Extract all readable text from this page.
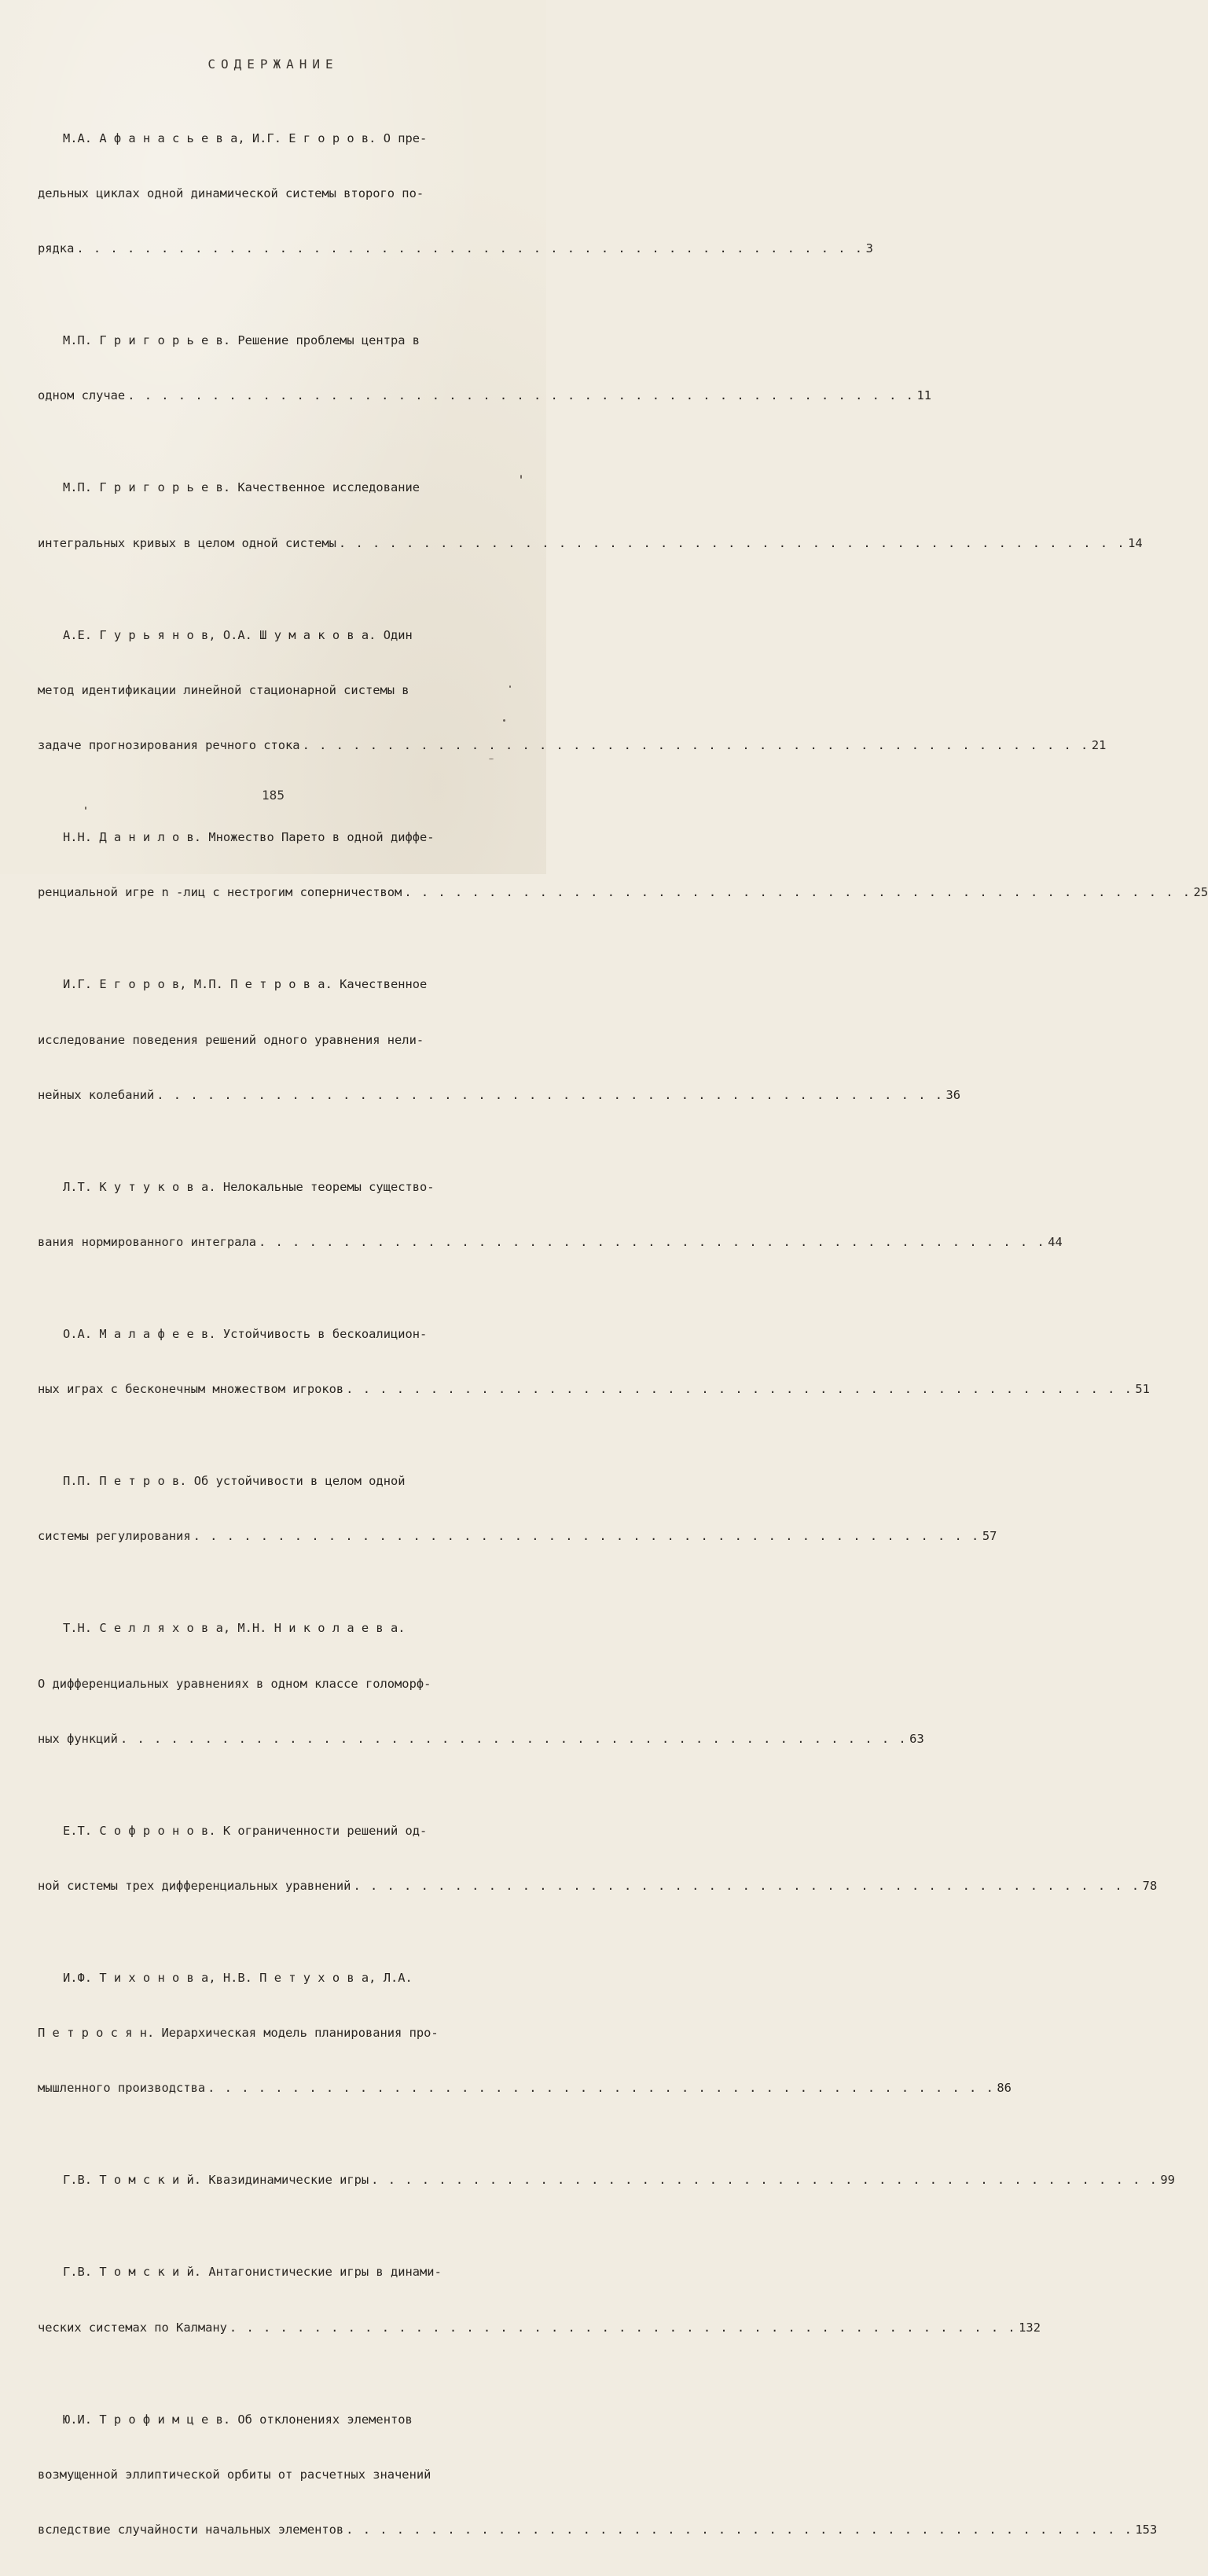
СОДЕРЖАНИЕ

М.А. А ф а н а с ь е в а, И.Г. Е г о р о в. О пре-

дельных циклах одной динамической системы второго по-

рядка . . .	3

М.П. Г р и г о р ь е в. Решение проблемы центра в

одном случае . . .	11

М.П. Г р и г о р ь е в. Качественное исследование

интегральных кривых в целом одной системы . . .	14

А.Е. Г у р ь я н о в, О.А. Ш у м а к о в а. Один

метод идентификации линейной стационарной системы в

задаче прогнозирования речного стока . . .	21

Н.Н. Д а н и л о в. Множество Парето в одной диффе-

ренциальной игре n -лиц с нестрогим соперничеством . . .	25

И.Г. Е г о р о в, М.П. П е т р о в а. Качественное

исследование поведения решений одного уравнения нели-

нейных колебаний . . .	36

Л.Т. К у т у к о в а. Нелокальные теоремы существо-

вания нормированного интеграла . . .	44

О.А. М а л а ф е е в. Устойчивость в бескоалицион-

ных играх с бесконечным множеством игроков . . .	51

П.П. П е т р о в. Об устойчивости в целом одной

системы регулирования . . .	57

Т.Н. С е л л я х о в а, М.Н. Н и к о л а е в а.

О дифференциальных уравнениях в одном классе голоморф-

ных функций . . .	63

Е.Т. С о ф р о н о в. К ограниченности решений од-

ной системы трех дифференциальных уравнений . . .	78

И.Ф. Т и х о н о в а, Н.В. П е т у х о в а, Л.А.

П е т р о с я н. Иерархическая модель планирования про-

мышленного производства . . .	86

Г.В. Т о м с к и й. Квазидинамические игры . . .	99

Г.В. Т о м с к и й. Антагонистические игры в динами-

ческих системах по Калману . . .	132

Ю.И. Т р о ф и м ц е в. Об отклонениях элементов

возмущенной эллиптической орбиты от расчетных значений

вследствие случайности начальных элементов . . .	153

185
